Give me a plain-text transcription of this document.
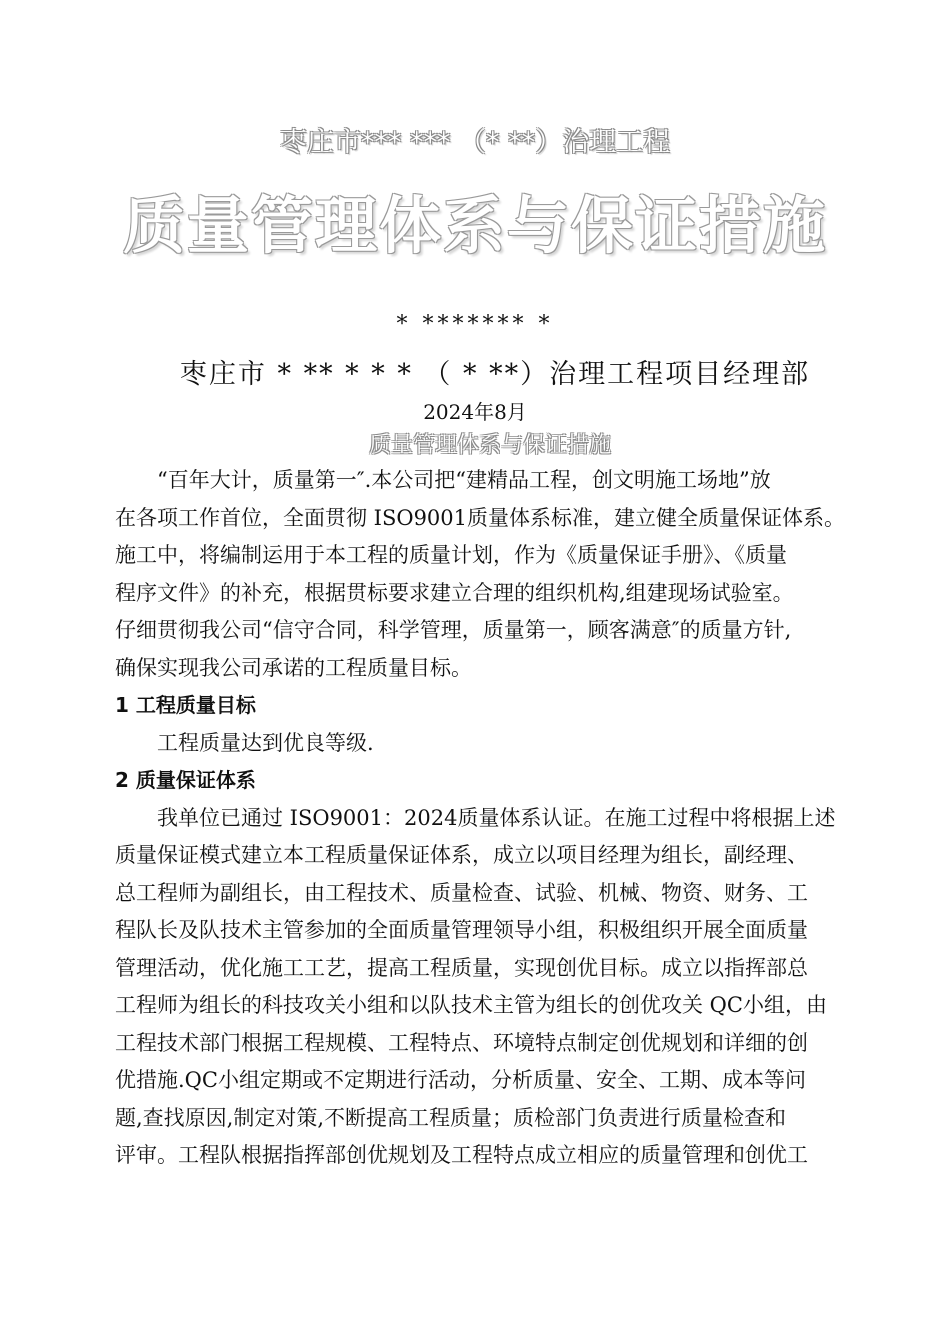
枣庄市*** *** （* **）治理工程
质量管理体系与保证措施
* ******* *
枣庄市 * ** * * * （ * **）治理工程项目经理部
2024年8月
质量管理体系与保证措施
“百年大计，质量第一″.本公司把“建精品工程，创文明施工场地”放
在各项工作首位，全面贯彻 ISO9001质量体系标准，建立健全质量保证体系。
施工中，将编制运用于本工程的质量计划，作为《质量保证手册》、《质量
程序文件》的补充，根据贯标要求建立合理的组织机构,组建现场试验室。
仔细贯彻我公司“信守合同，科学管理，质量第一，顾客满意″的质量方针,
确保实现我公司承诺的工程质量目标。
1 工程质量目标
工程质量达到优良等级.
2 质量保证体系
我单位已通过 ISO9001：2024质量体系认证。在施工过程中将根据上述
质量保证模式建立本工程质量保证体系，成立以项目经理为组长，副经理、
总工程师为副组长，由工程技术、质量检查、试验、机械、物资、财务、工
程队长及队技术主管参加的全面质量管理领导小组，积极组织开展全面质量
管理活动，优化施工工艺，提高工程质量，实现创优目标。成立以指挥部总
工程师为组长的科技攻关小组和以队技术主管为组长的创优攻关 QC小组，由
工程技术部门根据工程规模、工程特点、环境特点制定创优规划和详细的创
优措施.QC小组定期或不定期进行活动，分析质量、安全、工期、成本等问
题,查找原因,制定对策,不断提高工程质量；质检部门负责进行质量检查和
评审。工程队根据指挥部创优规划及工程特点成立相应的质量管理和创优工
